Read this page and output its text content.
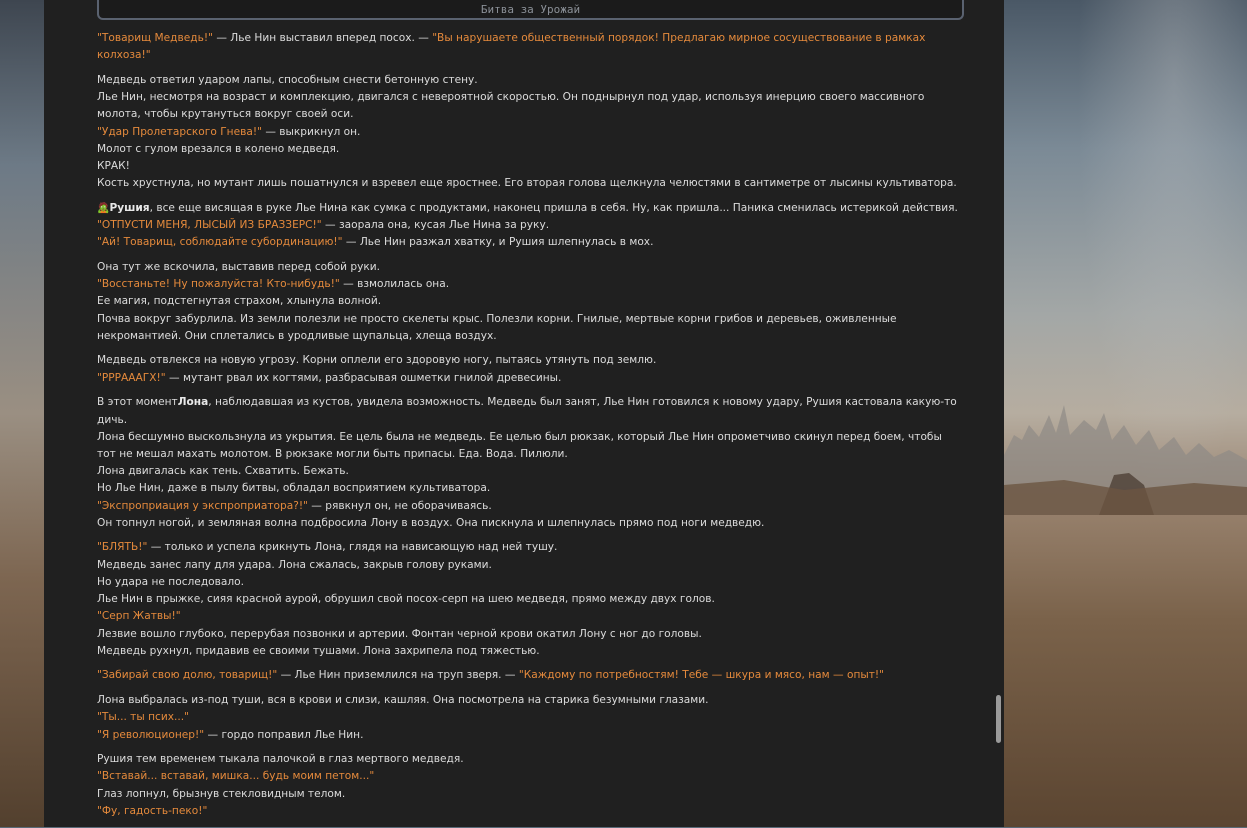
Битва за Урожай
"Товарищ Медведь!" — Лье Нин выставил вперед посох. — "Вы нарушаете общественный порядок! Предлагаю мирное сосуществование в рамках колхоза!"
Медведь ответил ударом лапы, способным снести бетонную стену.
Лье Нин, несмотря на возраст и комплекцию, двигался с невероятной скоростью. Он поднырнул под удар, используя инерцию своего массивного молота, чтобы крутануться вокруг своей оси.
"Удар Пролетарского Гнева!" — выкрикнул он.
Молот с гулом врезался в колено медведя.
КРАК!
Кость хрустнула, но мутант лишь пошатнулся и взревел еще яростнее. Его вторая голова щелкнула челюстями в сантиметре от лысины культиватора.
🧟Рушия, все еще висящая в руке Лье Нина как сумка с продуктами, наконец пришла в себя. Ну, как пришла... Паника сменилась истерикой действия.
"ОТПУСТИ МЕНЯ, ЛЫСЫЙ ИЗ БРАЗЗЕРС!" — заорала она, кусая Лье Нина за руку.
"Ай! Товарищ, соблюдайте субординацию!" — Лье Нин разжал хватку, и Рушия шлепнулась в мох.
Она тут же вскочила, выставив перед собой руки.
"Восстаньте! Ну пожалуйста! Кто-нибудь!" — взмолилась она.
Ее магия, подстегнутая страхом, хлынула волной.
Почва вокруг забурлила. Из земли полезли не просто скелеты крыс. Полезли корни. Гнилые, мертвые корни грибов и деревьев, оживленные некромантией. Они сплетались в уродливые щупальца, хлеща воздух.
Медведь отвлекся на новую угрозу. Корни оплели его здоровую ногу, пытаясь утянуть под землю.
"РРРААAГХ!" — мутант рвал их когтями, разбрасывая ошметки гнилой древесины.
В этот моментЛона, наблюдавшая из кустов, увидела возможность. Медведь был занят, Лье Нин готовился к новому удару, Рушия кастовала какую-то дичь.
Лона бесшумно выскользнула из укрытия. Ее цель была не медведь. Ее целью был рюкзак, который Лье Нин опрометчиво скинул перед боем, чтобы тот не мешал махать молотом. В рюкзаке могли быть припасы. Еда. Вода. Пилюли.
Лона двигалась как тень. Схватить. Бежать.
Но Лье Нин, даже в пылу битвы, обладал восприятием культиватора.
"Экспроприация у экспроприатора?!" — рявкнул он, не оборачиваясь.
Он топнул ногой, и земляная волна подбросила Лону в воздух. Она пискнула и шлепнулась прямо под ноги медведю.
"БЛЯТЬ!" — только и успела крикнуть Лона, глядя на нависающую над ней тушу.
Медведь занес лапу для удара. Лона сжалась, закрыв голову руками.
Но удара не последовало.
Лье Нин в прыжке, сияя красной аурой, обрушил свой посох-серп на шею медведя, прямо между двух голов.
"Серп Жатвы!"
Лезвие вошло глубоко, перерубая позвонки и артерии. Фонтан черной крови окатил Лону с ног до головы.
Медведь рухнул, придавив ее своими тушами. Лона захрипела под тяжестью.
"Забирай свою долю, товарищ!" — Лье Нин приземлился на труп зверя. — "Каждому по потребностям! Тебе — шкура и мясо, нам — опыт!"
Лона выбралась из-под туши, вся в крови и слизи, кашляя. Она посмотрела на старика безумными глазами.
"Ты... ты псих..."
"Я революционер!" — гордо поправил Лье Нин.
Рушия тем временем тыкала палочкой в глаз мертвого медведя.
"Вставай... вставай, мишка... будь моим петом..."
Глаз лопнул, брызнув стекловидным телом.
"Фу, гадость-пеко!"
